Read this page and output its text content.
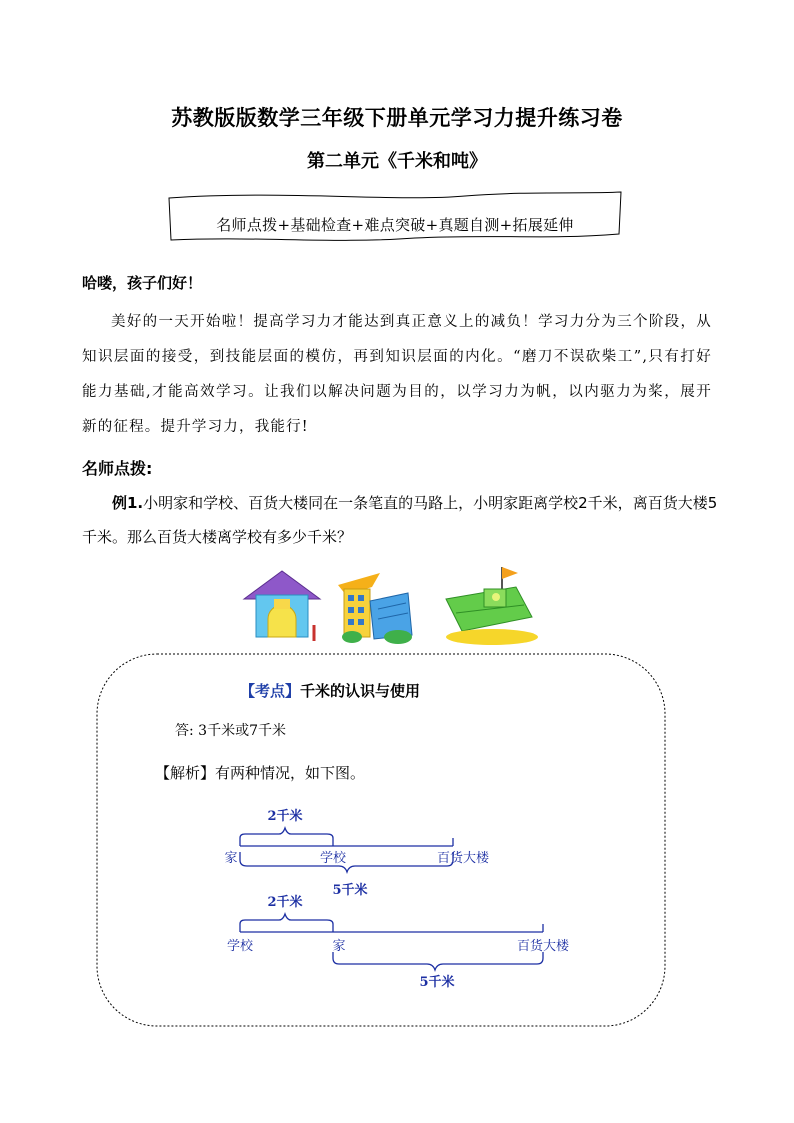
苏教版版数学三年级下册单元学习力提升练习卷
第二单元《千米和吨》
名师点拨+基础检查+难点突破+真题自测+拓展延伸
哈喽，孩子们好！
美好的一天开始啦！提高学习力才能达到真正意义上的减负！学习力分为三个阶段，从知识层面的接受，到技能层面的模仿，再到知识层面的内化。“磨刀不误砍柴工”,只有打好能力基础,才能高效学习。让我们以解决问题为目的，以学习力为帆，以内驱力为桨，展开新的征程。提升学习力，我能行!
名师点拨:
例1.小明家和学校、百货大楼同在一条笔直的马路上，小明家距离学校2千米，离百货大楼5千米。那么百货大楼离学校有多少千米？
【考点】千米的认识与使用
答: 3千米或7千米
【解析】有两种情况，如下图。
2千米
家	学校	百货大楼
5千米
2千米
学校	家	百货大楼
5千米
